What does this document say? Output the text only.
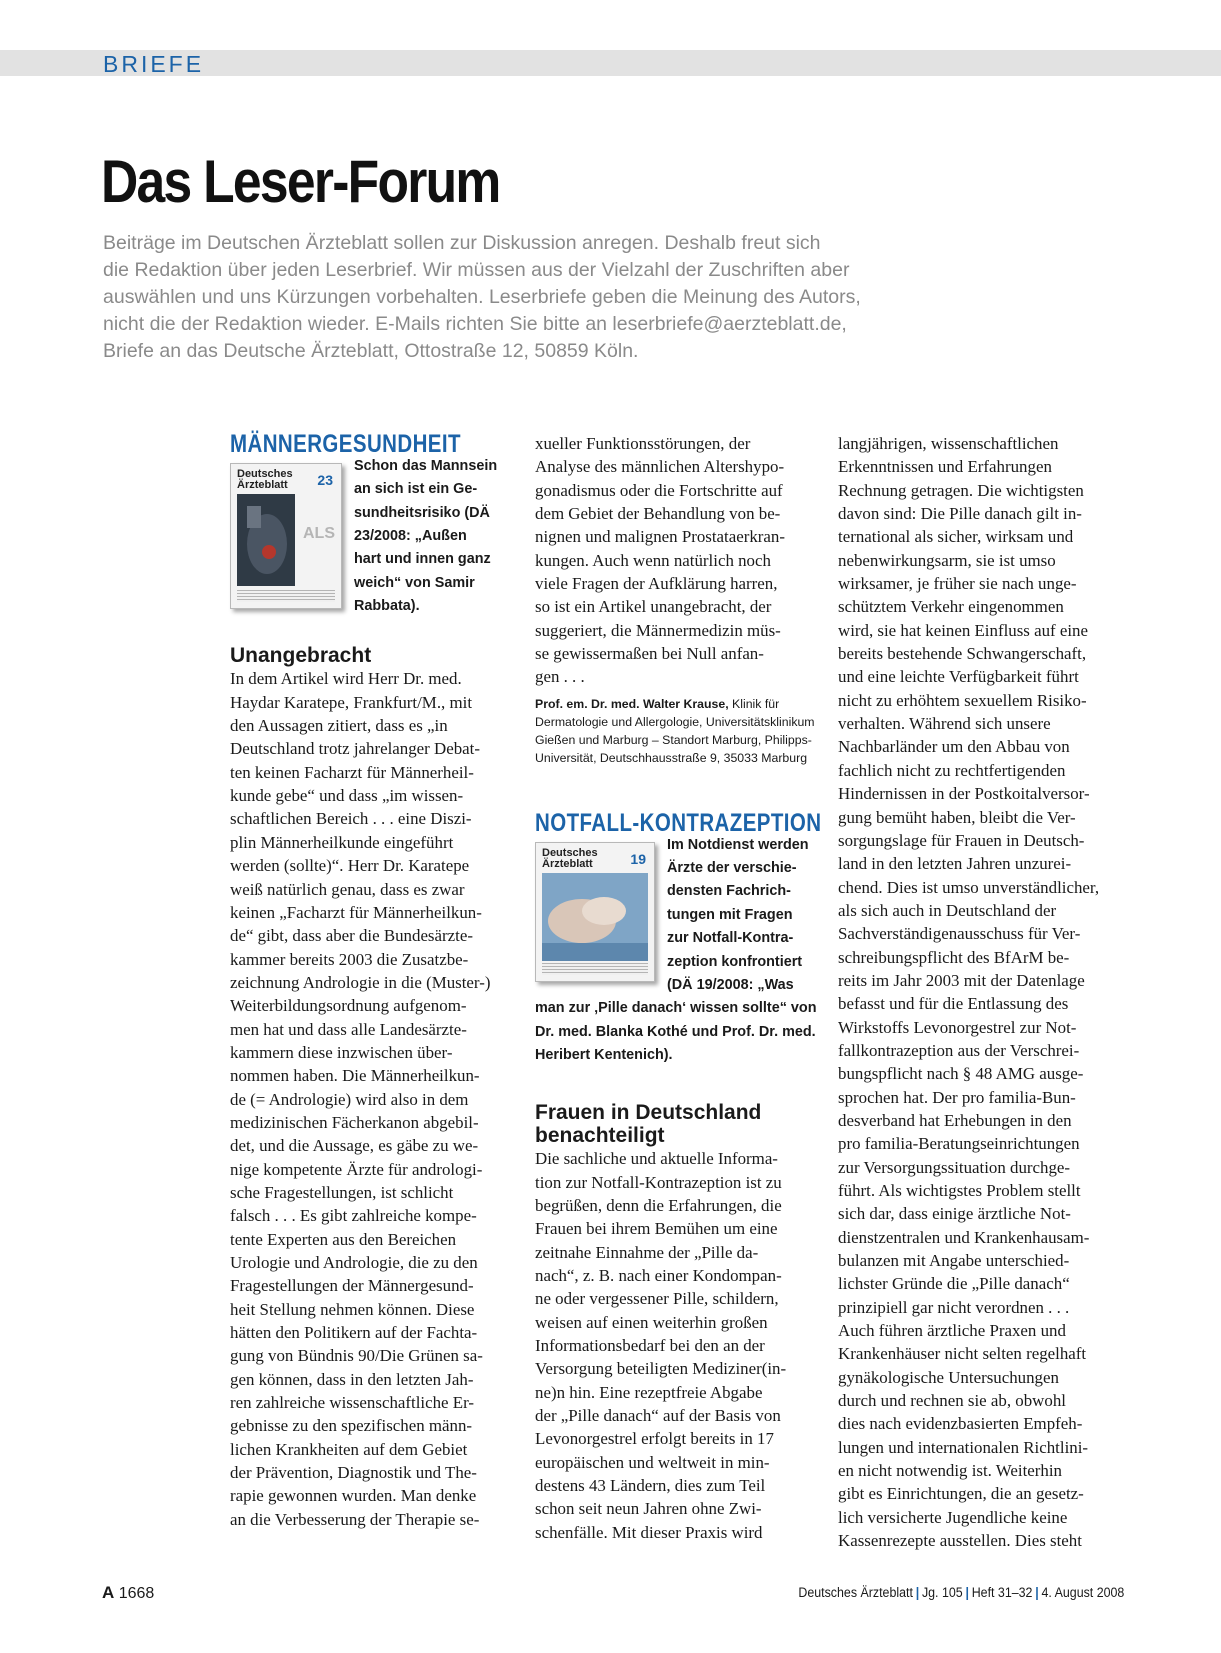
BRIEFE
Das Leser-Forum

Beiträge im Deutschen Ärzteblatt sollen zur Diskussion anregen. Deshalb freut sich
die Redaktion über jeden Leserbrief. Wir müssen aus der Vielzahl der Zuschriften aber
auswählen und uns Kürzungen vorbehalten. Leserbriefe geben die Meinung des Autors,
nicht die der Redaktion wieder. E-Mails richten Sie bitte an leserbriefe@aerzteblatt.de,
Briefe an das Deutsche Ärzteblatt, Ottostraße 12, 50859 Köln.

MÄNNERGESUNDHEIT
Deutsches
Ärzteblatt	23
ALS
Schon das Mannsein
an sich ist ein Ge-
sundheitsrisiko (DÄ
23/2008: „Außen
hart und innen ganz
weich“ von Samir
Rabbata).
Unangebracht

In dem Artikel wird Herr Dr. med.
Haydar Karatepe, Frankfurt/M., mit
den Aussagen zitiert, dass es „in
Deutschland trotz jahrelanger Debat-
ten keinen Facharzt für Männerheil-
kunde gebe“ und dass „im wissen-
schaftlichen Bereich . . . eine Diszi-
plin Männerheilkunde eingeführt
werden (sollte)“. Herr Dr. Karatepe
weiß natürlich genau, dass es zwar
keinen „Facharzt für Männerheilkun-
de“ gibt, dass aber die Bundesärzte-
kammer bereits 2003 die Zusatzbe-
zeichnung Andrologie in die (Muster-)
Weiterbildungsordnung aufgenom-
men hat und dass alle Landesärzte-
kammern diese inzwischen über-
nommen haben. Die Männerheilkun-
de (= Andrologie) wird also in dem
medizinischen Fächerkanon abgebil-
det, und die Aussage, es gäbe zu we-
nige kompetente Ärzte für andrologi-
sche Fragestellungen, ist schlicht
falsch . . . Es gibt zahlreiche kompe-
tente Experten aus den Bereichen
Urologie und Andrologie, die zu den
Fragestellungen der Männergesund-
heit Stellung nehmen können. Diese
hätten den Politikern auf der Fachta-
gung von Bündnis 90/Die Grünen sa-
gen können, dass in den letzten Jah-
ren zahlreiche wissenschaftliche Er-
gebnisse zu den spezifischen männ-
lichen Krankheiten auf dem Gebiet
der Prävention, Diagnostik und The-
rapie gewonnen wurden. Man denke
an die Verbesserung der Therapie se-

xueller Funktionsstörungen, der
Analyse des männlichen Altershypo-
gonadismus oder die Fortschritte auf
dem Gebiet der Behandlung von be-
nignen und malignen Prostataerkran-
kungen. Auch wenn natürlich noch
viele Fragen der Aufklärung harren,
so ist ein Artikel unangebracht, der
suggeriert, die Männermedizin müs-
se gewissermaßen bei Null anfan-
gen . . .

Prof. em. Dr. med. Walter Krause, Klinik für
Dermatologie und Allergologie, Universitätsklinikum
Gießen und Marburg – Standort Marburg, Philipps-
Universität, Deutschhausstraße 9, 35033 Marburg

NOTFALL-KONTRAZEPTION
Deutsches
Ärzteblatt	19
Im Notdienst werden
Ärzte der verschie-
densten Fachrich-
tungen mit Fragen
zur Notfall-Kontra-
zeption konfrontiert
(DÄ 19/2008: „Was
man zur ‚Pille danach‘ wissen sollte“ von
Dr. med. Blanka Kothé und Prof. Dr. med.
Heribert Kentenich).
Frauen in Deutschland
benachteiligt

Die sachliche und aktuelle Informa-
tion zur Notfall-Kontrazeption ist zu
begrüßen, denn die Erfahrungen, die
Frauen bei ihrem Bemühen um eine
zeitnahe Einnahme der „Pille da-
nach“, z. B. nach einer Kondompan-
ne oder vergessener Pille, schildern,
weisen auf einen weiterhin großen
Informationsbedarf bei den an der
Versorgung beteiligten Mediziner(in-
ne)n hin. Eine rezeptfreie Abgabe
der „Pille danach“ auf der Basis von
Levonorgestrel erfolgt bereits in 17
europäischen und weltweit in min-
destens 43 Ländern, dies zum Teil
schon seit neun Jahren ohne Zwi-
schenfälle. Mit dieser Praxis wird

langjährigen, wissenschaftlichen
Erkenntnissen und Erfahrungen
Rechnung getragen. Die wichtigsten
davon sind: Die Pille danach gilt in-
ternational als sicher, wirksam und
nebenwirkungsarm, sie ist umso
wirksamer, je früher sie nach unge-
schütztem Verkehr eingenommen
wird, sie hat keinen Einfluss auf eine
bereits bestehende Schwangerschaft,
und eine leichte Verfügbarkeit führt
nicht zu erhöhtem sexuellem Risiko-
verhalten. Während sich unsere
Nachbarländer um den Abbau von
fachlich nicht zu rechtfertigenden
Hindernissen in der Postkoitalversor-
gung bemüht haben, bleibt die Ver-
sorgungslage für Frauen in Deutsch-
land in den letzten Jahren unzurei-
chend. Dies ist umso unverständlicher,
als sich auch in Deutschland der
Sachverständigenausschuss für Ver-
schreibungspflicht des BfArM be-
reits im Jahr 2003 mit der Datenlage
befasst und für die Entlassung des
Wirkstoffs Levonorgestrel zur Not-
fallkontrazeption aus der Verschrei-
bungspflicht nach § 48 AMG ausge-
sprochen hat. Der pro familia-Bun-
desverband hat Erhebungen in den
pro familia-Beratungseinrichtungen
zur Versorgungssituation durchge-
führt. Als wichtigstes Problem stellt
sich dar, dass einige ärztliche Not-
dienstzentralen und Krankenhausam-
bulanzen mit Angabe unterschied-
lichster Gründe die „Pille danach“
prinzipiell gar nicht verordnen . . .
Auch führen ärztliche Praxen und
Krankenhäuser nicht selten regelhaft
gynäkologische Untersuchungen
durch und rechnen sie ab, obwohl
dies nach evidenzbasierten Empfeh-
lungen und internationalen Richtlini-
en nicht notwendig ist. Weiterhin
gibt es Einrichtungen, die an gesetz-
lich versicherte Jugendliche keine
Kassenrezepte ausstellen. Dies steht

A 1668	Deutsches Ärzteblatt | Jg. 105 | Heft 31–32 | 4. August 2008
